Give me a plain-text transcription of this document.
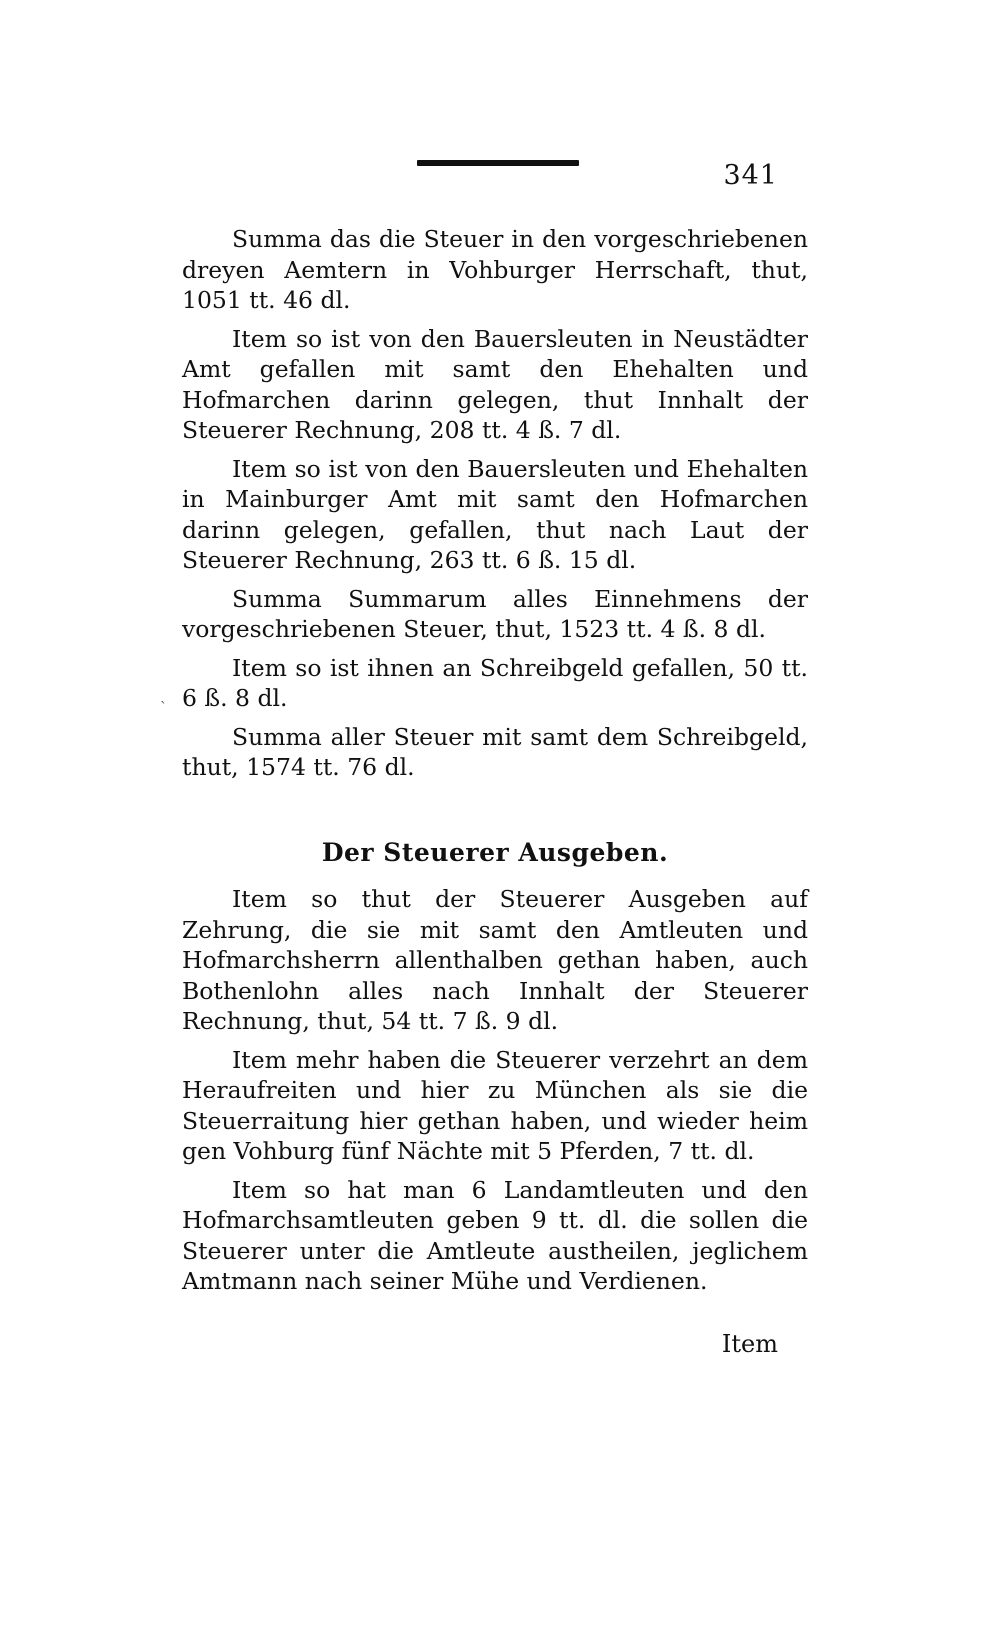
341

Summa das die Steuer in den vorgeschriebenen dreyen Aemtern in Vohburger Herrschaft, thut, 1051 tt. 46 dl.

Item so ist von den Bauersleuten in Neustädter Amt gefallen mit samt den Ehehalten und Hofmarchen darinn gelegen, thut Innhalt der Steuerer Rechnung, 208 tt. 4 ß. 7 dl.

Item so ist von den Bauersleuten und Ehehalten in Mainburger Amt mit samt den Hofmarchen darinn gelegen, gefallen, thut nach Laut der Steuerer Rechnung, 263 tt. 6 ß. 15 dl.

Summa Summarum alles Einnehmens der vorgeschriebenen Steuer, thut, 1523 tt. 4 ß. 8 dl.

Item so ist ihnen an Schreibgeld gefallen, 50 tt. 6 ß. 8 dl.

Summa aller Steuer mit samt dem Schreibgeld, thut, 1574 tt. 76 dl.

`
Der Steuerer Ausgeben.

Item so thut der Steuerer Ausgeben auf Zehrung, die sie mit samt den Amtleuten und Hofmarchsherrn allenthalben gethan haben, auch Bothenlohn alles nach Innhalt der Steuerer Rechnung, thut, 54 tt. 7 ß. 9 dl.

Item mehr haben die Steuerer verzehrt an dem Heraufreiten und hier zu München als sie die Steuerraitung hier gethan haben, und wieder heim gen Vohburg fünf Nächte mit 5 Pferden, 7 tt. dl.

Item so hat man 6 Landamtleuten und den Hofmarchsamtleuten geben 9 tt. dl. die sollen die Steuerer unter die Amtleute austheilen, jeglichem Amtmann nach seiner Mühe und Verdienen.

Item
